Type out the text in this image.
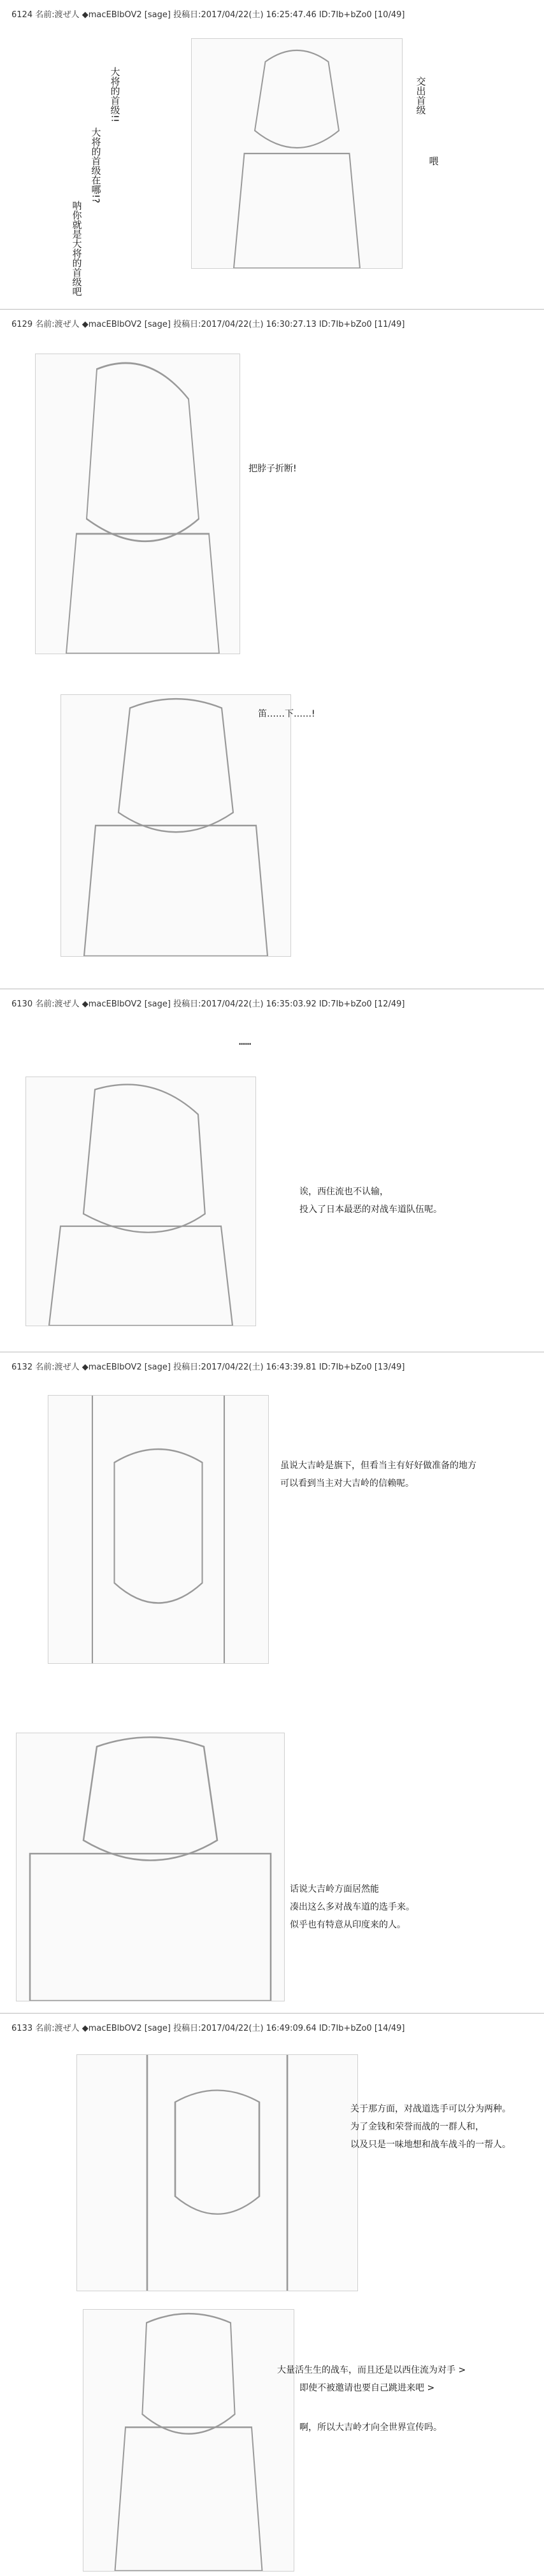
6124 名前:渡ぜ人 ◆macEBlbOV2 [sage] 投稿日:2017/04/22(土) 16:25:47.46 ID:7Ib+bZo0 [10/49]
大将的首级!!
大将的首级在哪!?
呐你就是大将的首级吧
交出首级
喂
6129 名前:渡ぜ人 ◆macEBlbOV2 [sage] 投稿日:2017/04/22(土) 16:30:27.13 ID:7Ib+bZo0 [11/49]
把脖子折断!
笛……下……!
6130 名前:渡ぜ人 ◆macEBlbOV2 [sage] 投稿日:2017/04/22(土) 16:35:03.92 ID:7Ib+bZo0 [12/49]
……
诶，西住流也不认输，
投入了日本最恶的对战车道队伍呢。
6132 名前:渡ぜ人 ◆macEBlbOV2 [sage] 投稿日:2017/04/22(土) 16:43:39.81 ID:7Ib+bZo0 [13/49]
虽说大吉岭是旗下，但看当主有好好做准备的地方
可以看到当主对大吉岭的信赖呢。
话说大吉岭方面居然能
凑出这么多对战车道的选手来。
似乎也有特意从印度来的人。
6133 名前:渡ぜ人 ◆macEBlbOV2 [sage] 投稿日:2017/04/22(土) 16:49:09.64 ID:7Ib+bZo0 [14/49]
关于那方面，对战道选手可以分为两种。
为了金钱和荣誉而战的一群人和，
以及只是一味地想和战车战斗的一帮人。
大量活生生的战车，而且还是以西住流为对手 >
即使不被邀请也要自己跳进来吧 >
啊，所以大吉岭才向全世界宣传吗。
